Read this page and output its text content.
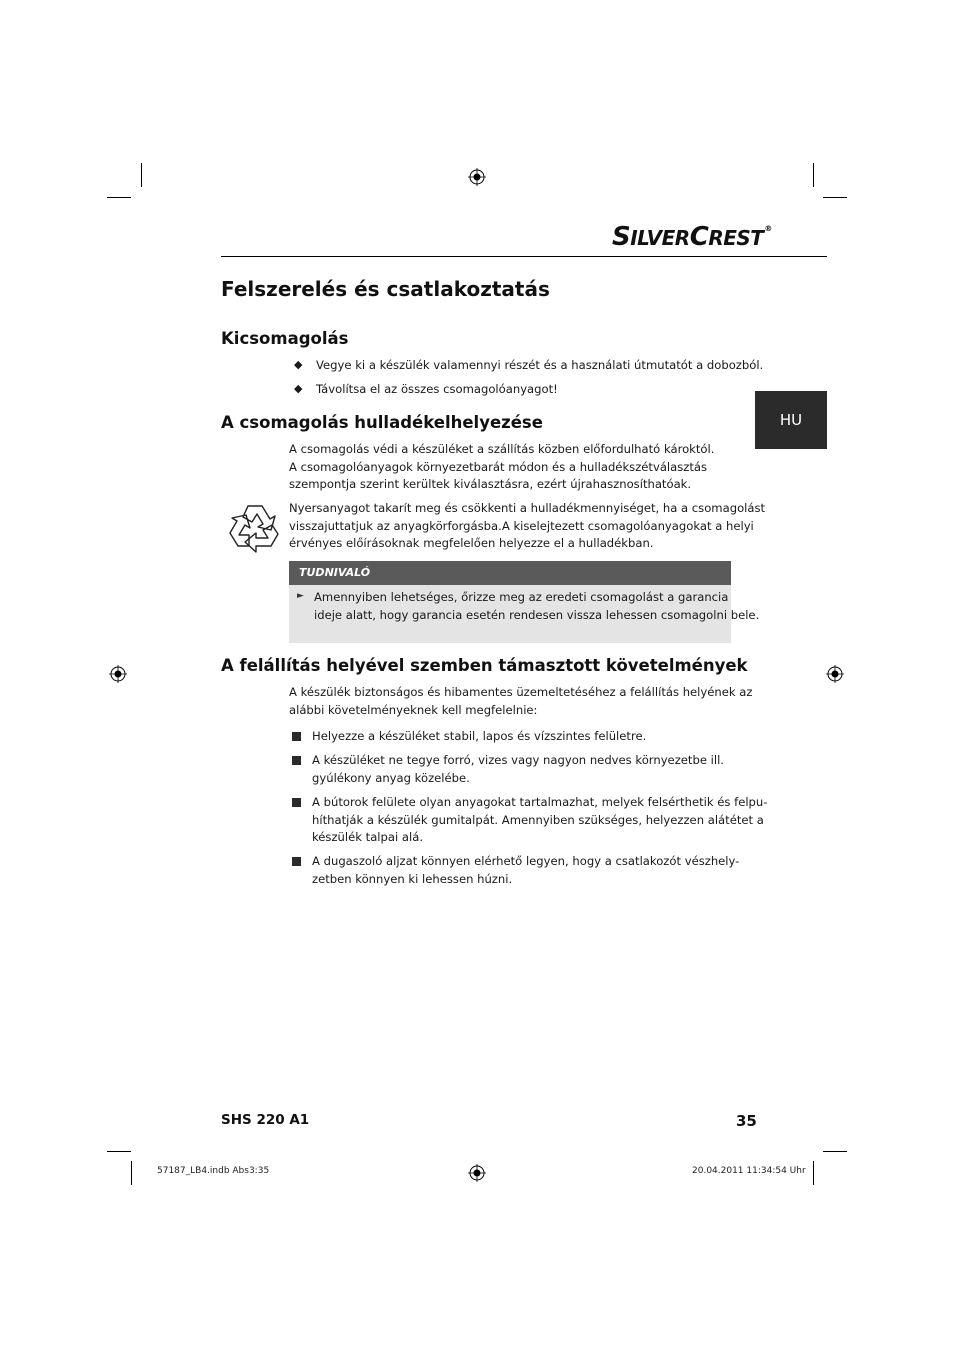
SILVERCREST®
Felszerelés és csatlakoztatás
HU
Kicsomagolás
◆ Vegye ki a készülék valamennyi részét és a használati útmutatót a dobozból.
◆ Távolítsa el az összes csomagolóanyagot!
A csomagolás hulladékelhelyezése
A csomagolás védi a készüléket a szállítás közben előfordulható károktól.
A csomagolóanyagok környezetbarát módon és a hulladékszétválasztás
szempontja szerint kerültek kiválasztásra, ezért újrahasznosíthatóak.
Nyersanyagot takarít meg és csökkenti a hulladékmennyiséget, ha a csomagolást
visszajuttatjuk az anyagkörforgásba.A kiselejtezett csomagolóanyagokat a helyi
érvényes előírásoknak megfelelően helyezze el a hulladékban.
TUDNIVALÓ
► Amennyiben lehetséges, őrizze meg az eredeti csomagolást a garancia
ideje alatt, hogy garancia esetén rendesen vissza lehessen csomagolni bele.
A felállítás helyével szemben támasztott követelmények
A készülék biztonságos és hibamentes üzemeltetéséhez a felállítás helyének az
alábbi követelményeknek kell megfelelnie:
Helyezze a készüléket stabil, lapos és vízszintes felületre.
A készüléket ne tegye forró, vizes vagy nagyon nedves környezetbe ill.
gyúlékony anyag közelébe.
A bútorok felülete olyan anyagokat tartalmazhat, melyek felsérthetik és felpu-
híthatják a készülék gumitalpát. Amennyiben szükséges, helyezzen alátétet a
készülék talpai alá.
A dugaszoló aljzat könnyen elérhető legyen, hogy a csatlakozót vészhely-
zetben könnyen ki lehessen húzni.
SHS 220 A1	35
57187_LB4.indb Abs3:35	20.04.2011 11:34:54 Uhr
